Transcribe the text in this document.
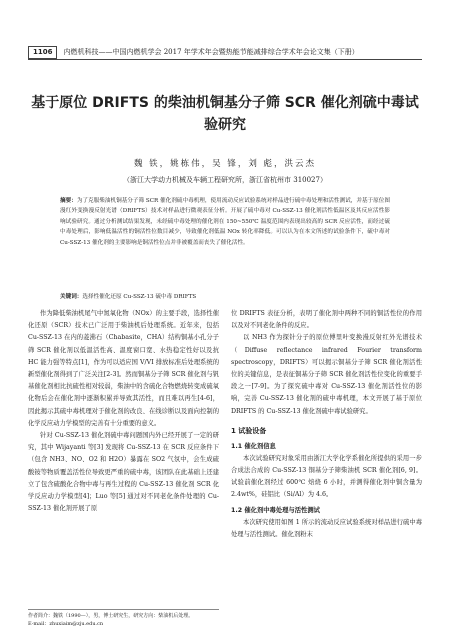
1106 内燃机科技——中国内燃机学会 2017 年学术年会暨热能节能减排综合学术年会论文集（下册）
基于原位 DRIFTS 的柴油机铜基分子筛 SCR 催化剂硫中毒试验研究
魏 铁，姚栋伟，吴 锋，刘 彪，洪云杰
（浙江大学动力机械及车辆工程研究所，浙江省杭州市 310027）
摘要：为了克服柴油机铜基分子筛 SCR 催化剂硫中毒机理，使用流动反应试验系统对样品进行硫中毒处理和活性测试，并基于原位图漫红外变换漫反射光谱（DRIFTS）技术对样品进行微观表征分析。开展了硫中毒对 Cu-SSZ-13 催化剂活性低温区及其反应活性影响试验研究。通过分析测试结果发现，未经硫中毒处理的催化剂在 150~550℃ 温度范围内表现出较高的 SCR 反应活性，而经过硫中毒处理后，影响低温活性的铜活性位数目减少，导致催化剂低温 NOx 转化率降低。可以认为在本文所述的试验条件下，硫中毒对 Cu-SSZ-13 催化剂的主要影响是铜活性位点并非被覆盖而丧失了催化活性。
关键词：选择性催化还原 Cu-SSZ-13 硫中毒 DRIFTS

作为降低柴油机尾气中氮氧化物（NOx）的主要手段，选择性催化还原（SCR）技术已广泛用于柴油机后处理系统。近年来，包括 Cu-SSZ-13 在内的菱沸石（Chabasite，CHA）结构铜基小孔分子筛 SCR 催化剂以低温活性高、温度窗口宽、水热稳定性好以及抗 HC 能力强等特点[1]，作为可以适应国 V/VI 排放标准后处理系统的新型催化剂得到了广泛关注[2-3]。然而铜基分子筛 SCR 催化剂与钒基催化剂相比抗硫性相对较弱，柴油中的含硫化合物燃烧转变成硫氧化物后会在催化剂中逐渐积累并导致其活性，而且难以再生[4-6]，因此揭示其硫中毒机理对于催化剂的改良、在线诊断以及面向控制的化学反应动力学模型的完善有十分重要的意义。

针对 Cu-SSZ-13 催化剂硫中毒问题国内外已经开展了一定的研究，其中 Wijayanti 等[3] 发现将 Cu-SSZ-13 在 SCR 反应条件下（包含 NH3、NO、O2 和 H2O）暴露在 SO2 气氛中，会生成硫酸铵等物质覆盖活性位导致更严重的硫中毒，该团队在此基础上还建立了包含硫酸化合物中毒与再生过程的 Cu-SSZ-13 催化剂 SCR 化学反应动力学模型[4]；Luo 等[5] 通过对不同老化条件处理的 Cu-SSZ-13 催化剂开展了原

位 DRIFTS 表征分析，表明了催化剂中两种不同的铜活性位的作用以及对不同老化条件的反应。

以 NH3 作为探针分子的原位傅里叶变换漫反射红外光谱技术（Diffuse reflectance infrared Fourier transform spectroscopy，DRIFTS）可以揭示铜基分子筛 SCR 催化剂活性位的关键信息，是表征铜基分子筛 SCR 催化剂活性位变化的重要手段之一[7-9]。为了探究硫中毒对 Cu-SSZ-13 催化剂活性位的影响，完善 Cu-SSZ-13 催化剂的硫中毒机理，本文开展了基于原位 DRIFTS 的 Cu-SSZ-13 催化剂硫中毒试验研究。

1 试验设备
1.1 催化剂信息

本次试验研究对象采用由浙江大学化学系催化所提供的采用一步合成法合成的 Cu-SSZ-13 铜基分子筛柴油机 SCR 催化剂[6, 9]。试验前催化剂经过 600℃ 焙烧 6 小时，并测得催化剂中铜含量为 2.4wt%，硅铝比（Si/Al）为 4.6。

1.2 催化剂中毒处理与活性测试

本次研究使用如图 1 所示的流动反应试验系统对样品进行硫中毒处理与活性测试。催化剂粉末

作者简介：魏铁（1990—），男，博士研究生，研究方向：柴油机后处理。
E-mail：zhuxiaim@zju.edu.cn
